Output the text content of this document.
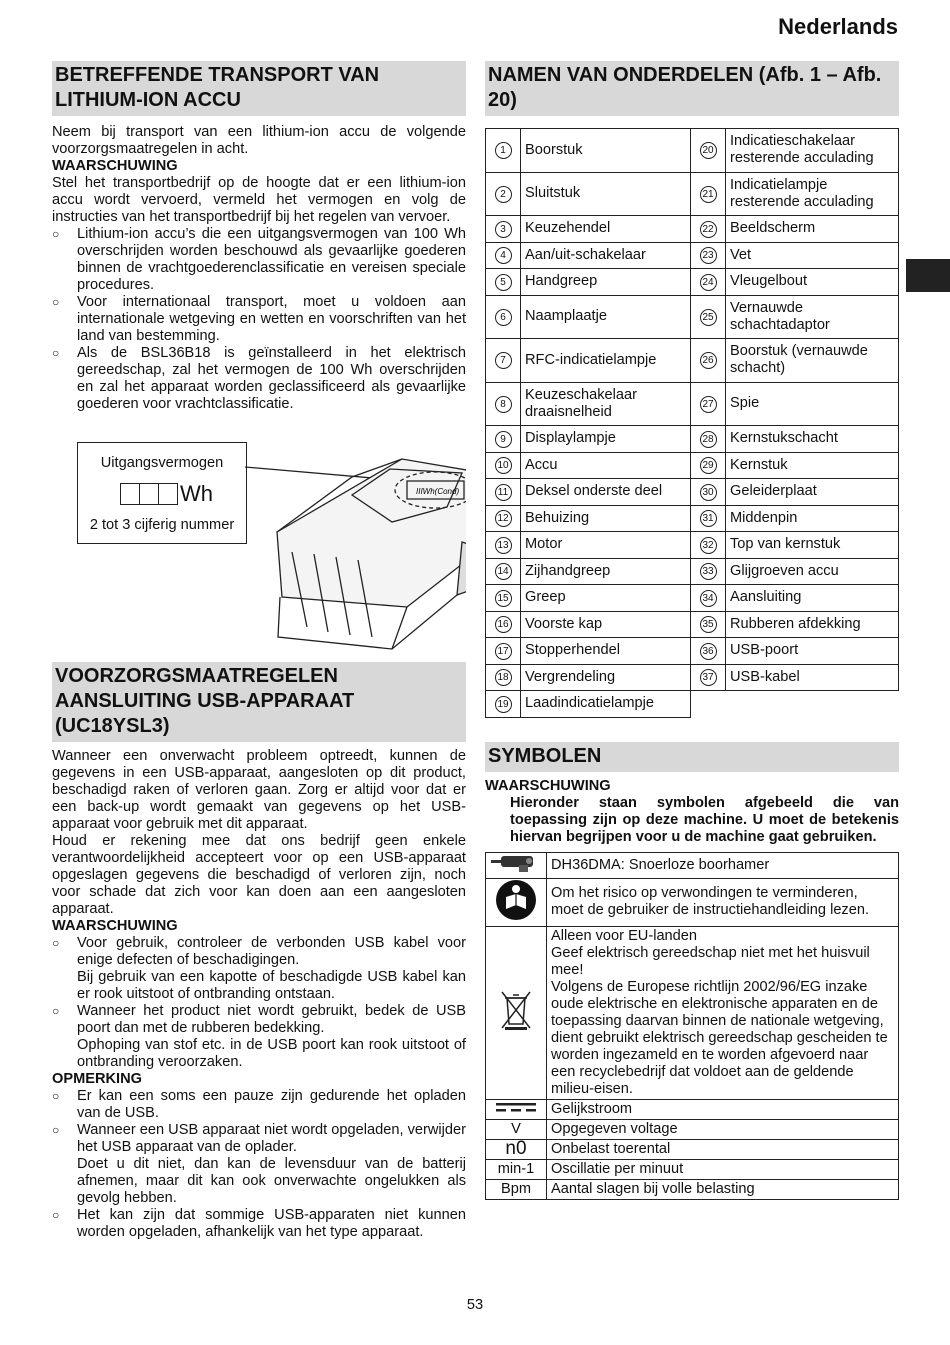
Nederlands
BETREFFENDE TRANSPORT VAN LITHIUM-ION ACCU

Neem bij transport van een lithium-ion accu de volgende voorzorgsmaatregelen in acht.

WAARSCHUWING

Stel het transportbedrijf op de hoogte dat er een lithium-ion accu wordt vervoerd, vermeld het vermogen en volg de instructies van het transportbedrijf bij het regelen van vervoer.

○	Lithium-ion accu’s die een uitgangsvermogen van 100 Wh overschrijden worden beschouwd als gevaarlijke goederen binnen de vrachtgoederenclassificatie en vereisen speciale procedures.
○	Voor internationaal transport, moet u voldoen aan internationale wetgeving en wetten en voorschriften van het land van bestemming.
○	Als de BSL36B18 is geïnstalleerd in het elektrisch gereedschap, zal het vermogen de 100 Wh overschrijden en zal het apparaat worden geclassificeerd als gevaarlijke goederen voor vrachtclassificatie.
IIIWh(Cond)
Uitgangsvermogen
Wh
2 tot 3 cijferig nummer
VOORZORGSMAATREGELEN AANSLUITING USB-APPARAAT (UC18YSL3)

Wanneer een onverwacht probleem optreedt, kunnen de gegevens in een USB-apparaat, aangesloten op dit product, beschadigd raken of verloren gaan. Zorg er altijd voor dat er een back-up wordt gemaakt van gegevens op het USB-apparaat voor gebruik met dit apparaat.

Houd er rekening mee dat ons bedrijf geen enkele verantwoordelijkheid accepteert voor op een USB-apparaat opgeslagen gegevens die beschadigd of verloren zijn, noch voor schade dat zich voor kan doen aan een aangesloten apparaat.

WAARSCHUWING

○	Voor gebruik, controleer de verbonden USB kabel voor enige defecten of beschadigingen.

Bij gebruik van een kapotte of beschadigde USB kabel kan er rook uitstoot of ontbranding ontstaan.

○	Wanneer het product niet wordt gebruikt, bedek de USB poort dan met de rubberen bedekking.

Ophoping van stof etc. in de USB poort kan rook uitstoot of ontbranding veroorzaken.

OPMERKING

○	Er kan een soms een pauze zijn gedurende het opladen van de USB.

○	Wanneer een USB apparaat niet wordt opgeladen, verwijder het USB apparaat van de oplader.

Doet u dit niet, dan kan de levensduur van de batterij afnemen, maar dit kan ook onverwachte ongelukken als gevolg hebben.

○	Het kan zijn dat sommige USB-apparaten niet kunnen worden opgeladen, afhankelijk van het type apparaat.

NAMEN VAN ONDERDELEN (Afb. 1 – Afb. 20)
1	Boorstuk	20	Indicatieschakelaar resterende acculading
2	Sluitstuk	21	Indicatielampje resterende acculading
3	Keuzehendel	22	Beeldscherm
4	Aan/uit-schakelaar	23	Vet
5	Handgreep	24	Vleugelbout
6	Naamplaatje	25	Vernauwde schachtadaptor
7	RFC-indicatielampje	26	Boorstuk (vernauwde schacht)
8	Keuzeschakelaar draaisnelheid	27	Spie
9	Displaylampje	28	Kernstukschacht
10	Accu	29	Kernstuk
11	Deksel onderste deel	30	Geleiderplaat
12	Behuizing	31	Middenpin
13	Motor	32	Top van kernstuk
14	Zijhandgreep	33	Glijgroeven accu
15	Greep	34	Aansluiting
16	Voorste kap	35	Rubberen afdekking
17	Stopperhendel	36	USB-poort
18	Vergrendeling	37	USB-kabel
19	Laadindicatielampje		
SYMBOLEN

WAARSCHUWING

Hieronder staan symbolen afgebeeld die van toepassing zijn op deze machine. U moet de betekenis hiervan begrijpen voor u de machine gaat gebruiken.

	DH36DMA: Snoerloze boorhamer
	Om het risico op verwondingen te verminderen, moet de gebruiker de instructiehandleiding lezen.
	Alleen voor EU-landen
Geef elektrisch gereedschap niet met het huisvuil mee!
Volgens de Europese richtlijn 2002/96/EG inzake oude elektrische en elektronische apparaten en de toepassing daarvan binnen de nationale wetgeving, dient gebruikt elektrisch gereedschap gescheiden te worden ingezameld en te worden afgevoerd naar een recyclebedrijf dat voldoet aan de geldende milieu-eisen.
	Gelijkstroom
V	Opgegeven voltage
n0	Onbelast toerental
min-1	Oscillatie per minuut
Bpm	Aantal slagen bij volle belasting
53
